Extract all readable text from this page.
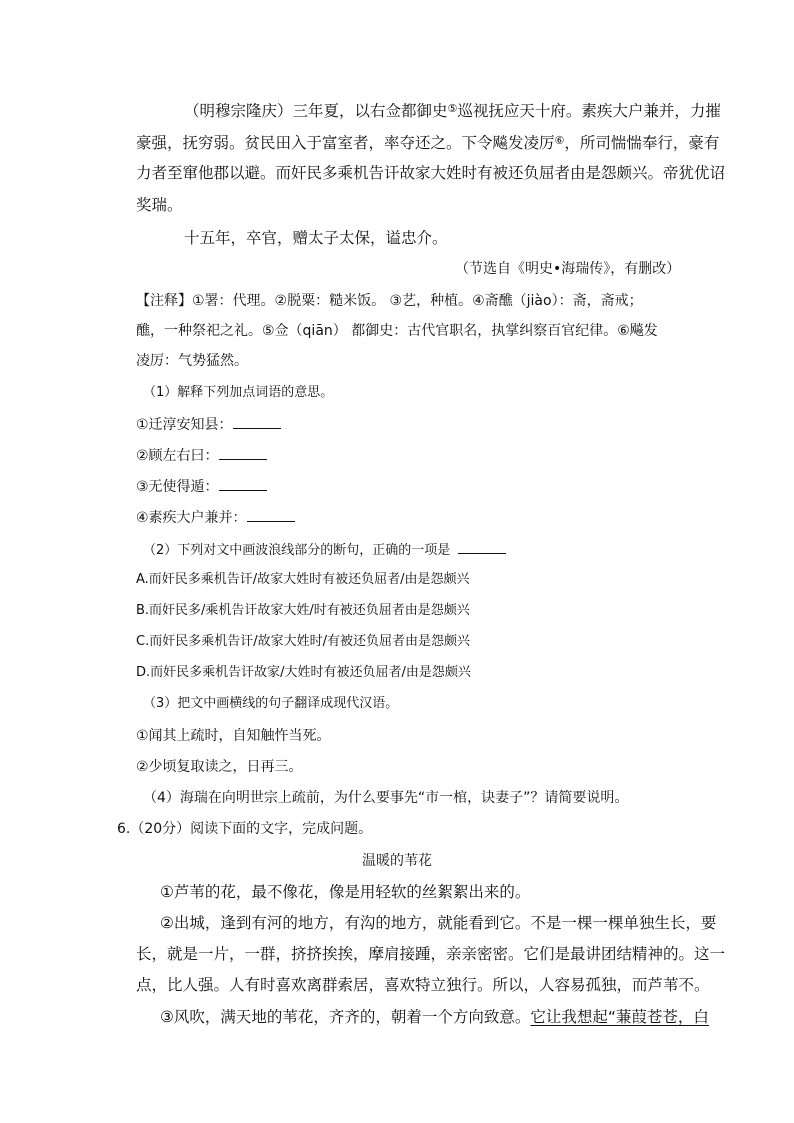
（明穆宗隆庆）三年夏，以右佥都御史⑤巡视抚应天十府。素疾大户兼并，力摧
豪强，抚穷弱。贫民田入于富室者，率夺还之。下令飚发凌厉⑥，所司惴惴奉行，豪有
力者至窜他郡以避。而奸民多乘机告讦故家大姓时有被还负屈者由是怨颇兴。帝犹优诏
奖瑞。
十五年，卒官，赠太子太保，谥忠介。
（节选自《明史•海瑞传》，有删改）
【注释】①署：代理。②脱粟：糙米饭。 ③艺，种植。④斋醮（jiào）：斋，斋戒；
醮，一种祭祀之礼。⑤佥（qiān） 都御史：古代官职名，执掌纠察百官纪律。⑥飚发
凌厉：气势猛然。
（1）解释下列加点词语的意思。
①迁淳安知县：
②顾左右曰：
③无使得遁：
④素疾大户兼并：
（2）下列对文中画波浪线部分的断句，正确的一项是
A.而奸民多乘机告讦/故家大姓时有被还负屈者/由是怨颇兴
B.而奸民多/乘机告讦故家大姓/时有被还负屈者由是怨颇兴
C.而奸民多乘机告讦/故家大姓时/有被还负屈者由是怨颇兴
D.而奸民多乘机告讦故家/大姓时有被还负屈者/由是怨颇兴
（3）把文中画横线的句子翻译成现代汉语。
①闻其上疏时，自知触忤当死。
②少顷复取读之，日再三。
（4）海瑞在向明世宗上疏前，为什么要事先“市一棺，诀妻子”？请简要说明。
6.（20分）阅读下面的文字，完成问题。
温暖的苇花
①芦苇的花，最不像花，像是用轻软的丝絮絮出来的。
②出城，逢到有河的地方，有沟的地方，就能看到它。不是一棵一棵单独生长，要
长，就是一片，一群，挤挤挨挨，摩肩接踵，亲亲密密。它们是最讲团结精神的。这一
点，比人强。人有时喜欢离群索居，喜欢特立独行。所以，人容易孤独，而芦苇不。
③风吹，满天地的苇花，齐齐的，朝着一个方向致意。它让我想起“蒹葭苍苍，白
